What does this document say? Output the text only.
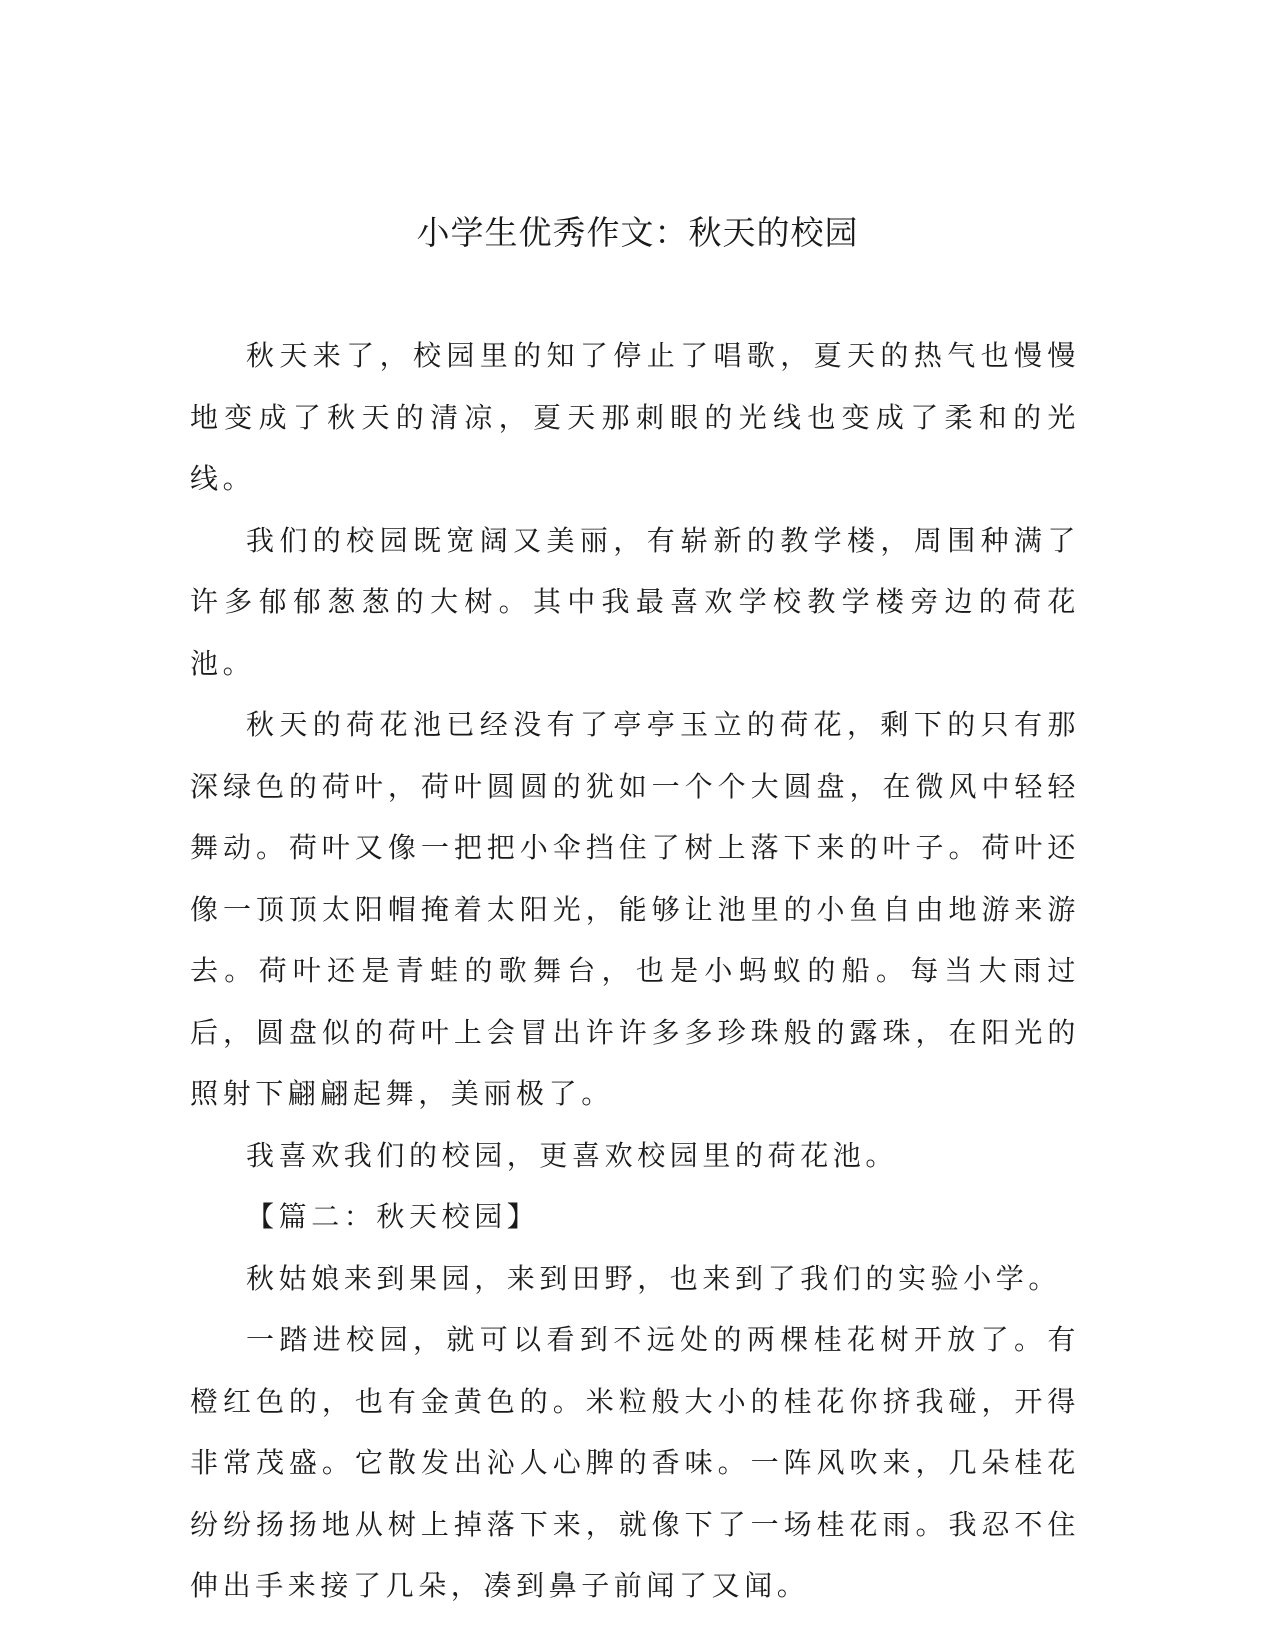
小学生优秀作文：秋天的校园

秋天来了，校园里的知了停止了唱歌，夏天的热气也慢慢地变成了秋天的清凉，夏天那刺眼的光线也变成了柔和的光线。

我们的校园既宽阔又美丽，有崭新的教学楼，周围种满了许多郁郁葱葱的大树。其中我最喜欢学校教学楼旁边的荷花池。

秋天的荷花池已经没有了亭亭玉立的荷花，剩下的只有那深绿色的荷叶，荷叶圆圆的犹如一个个大圆盘，在微风中轻轻舞动。荷叶又像一把把小伞挡住了树上落下来的叶子。荷叶还像一顶顶太阳帽掩着太阳光，能够让池里的小鱼自由地游来游去。荷叶还是青蛙的歌舞台，也是小蚂蚁的船。每当大雨过后，圆盘似的荷叶上会冒出许许多多珍珠般的露珠，在阳光的照射下翩翩起舞，美丽极了。

我喜欢我们的校园，更喜欢校园里的荷花池。

【篇二：秋天校园】

秋姑娘来到果园，来到田野，也来到了我们的实验小学。

一踏进校园，就可以看到不远处的两棵桂花树开放了。有橙红色的，也有金黄色的。米粒般大小的桂花你挤我碰，开得非常茂盛。它散发出沁人心脾的香味。一阵风吹来，几朵桂花纷纷扬扬地从树上掉落下来，就像下了一场桂花雨。我忍不住伸出手来接了几朵，凑到鼻子前闻了又闻。
